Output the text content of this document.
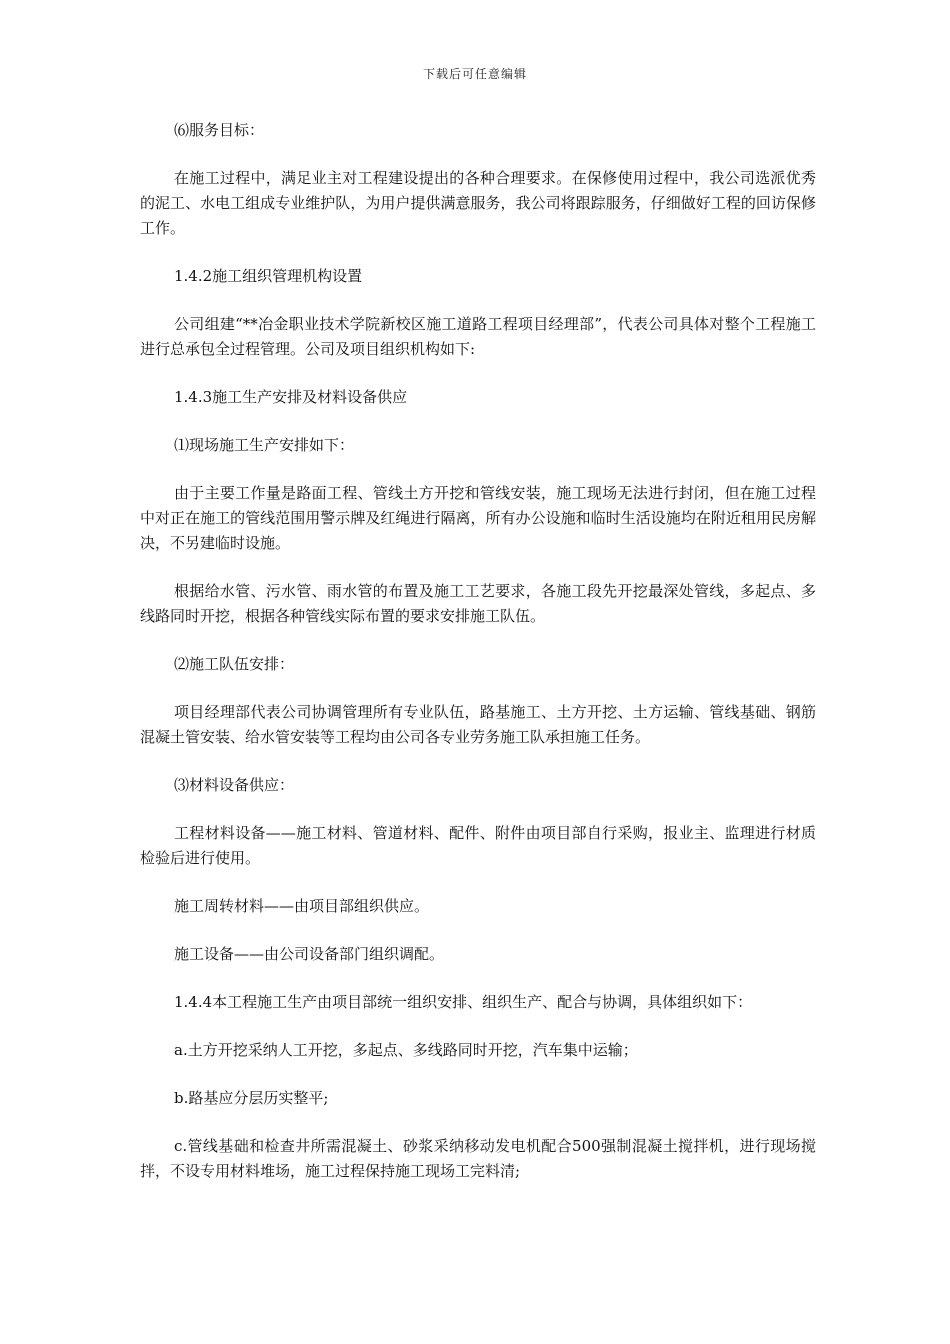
下载后可任意编辑

⑹服务目标：

在施工过程中，满足业主对工程建设提出的各种合理要求。在保修使用过程中，我公司选派优秀的泥工、水电工组成专业维护队，为用户提供满意服务，我公司将跟踪服务，仔细做好工程的回访保修工作。

1.4.2施工组织管理机构设置

公司组建“**冶金职业技术学院新校区施工道路工程项目经理部”，代表公司具体对整个工程施工进行总承包全过程管理。公司及项目组织机构如下:

1.4.3施工生产安排及材料设备供应

⑴现场施工生产安排如下：

由于主要工作量是路面工程、管线土方开挖和管线安装，施工现场无法进行封闭，但在施工过程中对正在施工的管线范围用警示牌及红绳进行隔离，所有办公设施和临时生活设施均在附近租用民房解决，不另建临时设施。

根据给水管、污水管、雨水管的布置及施工工艺要求，各施工段先开挖最深处管线，多起点、多线路同时开挖，根据各种管线实际布置的要求安排施工队伍。

⑵施工队伍安排：

项目经理部代表公司协调管理所有专业队伍，路基施工、土方开挖、土方运输、管线基础、钢筋混凝土管安装、给水管安装等工程均由公司各专业劳务施工队承担施工任务。

⑶材料设备供应：

工程材料设备——施工材料、管道材料、配件、附件由项目部自行采购，报业主、监理进行材质检验后进行使用。

施工周转材料——由项目部组织供应。

施工设备——由公司设备部门组织调配。

1.4.4本工程施工生产由项目部统一组织安排、组织生产、配合与协调，具体组织如下：

a.土方开挖采纳人工开挖，多起点、多线路同时开挖，汽车集中运输；

b.路基应分层历实整平;

c.管线基础和检查井所需混凝土、砂浆采纳移动发电机配合500强制混凝土搅拌机，进行现场搅拌，不设专用材料堆场，施工过程保持施工现场工完料清;
